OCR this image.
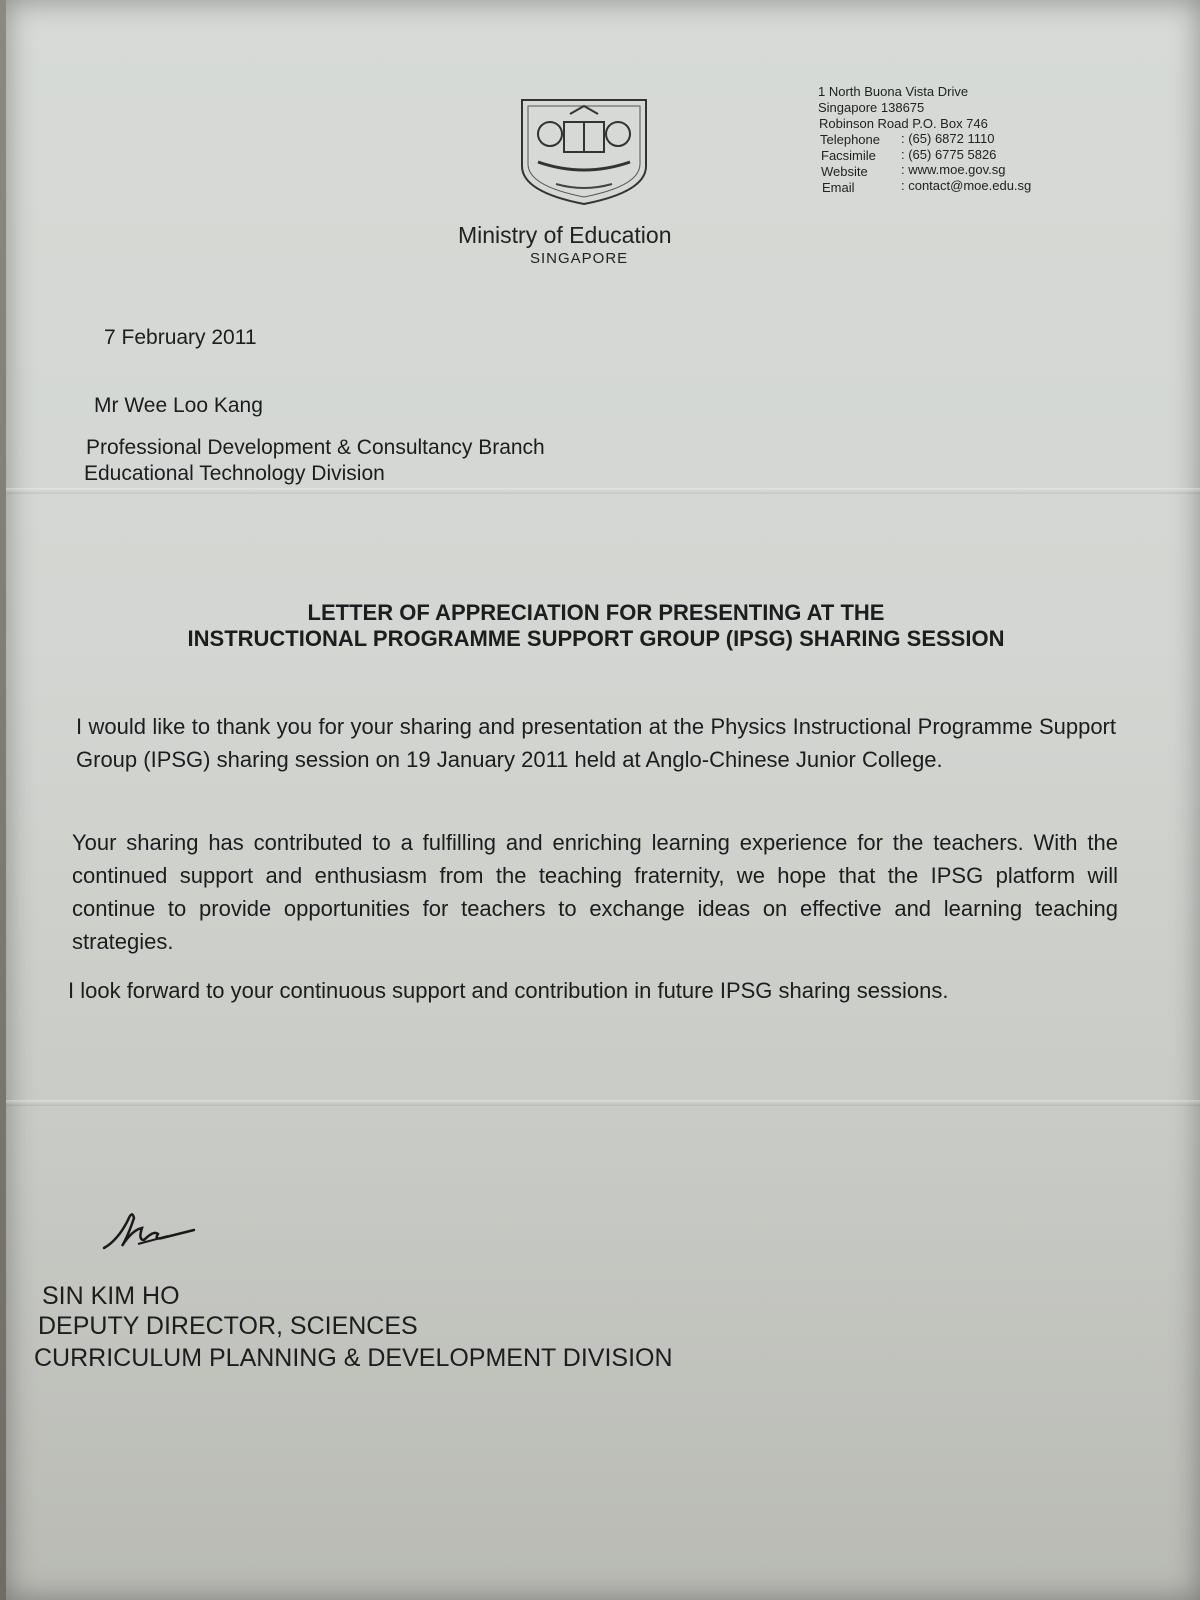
Ministry of Education
SINGAPORE
1 North Buona Vista Drive
Singapore 138675
Robinson Road P.O. Box 746
Telephone : (65) 6872 1110
Facsimile : (65) 6775 5826
Website	: www.moe.gov.sg
Email	: contact@moe.edu.sg
7 February 2011
Mr Wee Loo Kang
Professional Development & Consultancy Branch
Educational Technology Division
LETTER OF APPRECIATION FOR PRESENTING AT THE
INSTRUCTIONAL PROGRAMME SUPPORT GROUP (IPSG) SHARING SESSION
I would like to thank you for your sharing and presentation at the Physics Instructional Programme Support Group (IPSG) sharing session on 19 January 2011 held at Anglo-Chinese Junior College.
Your sharing has contributed to a fulfilling and enriching learning experience for the teachers. With the continued support and enthusiasm from the teaching fraternity, we hope that the IPSG platform will continue to provide opportunities for teachers to exchange ideas on effective and learning teaching strategies.
I look forward to your continuous support and contribution in future IPSG sharing sessions.
SIN KIM HO
DEPUTY DIRECTOR, SCIENCES
CURRICULUM PLANNING & DEVELOPMENT DIVISION
